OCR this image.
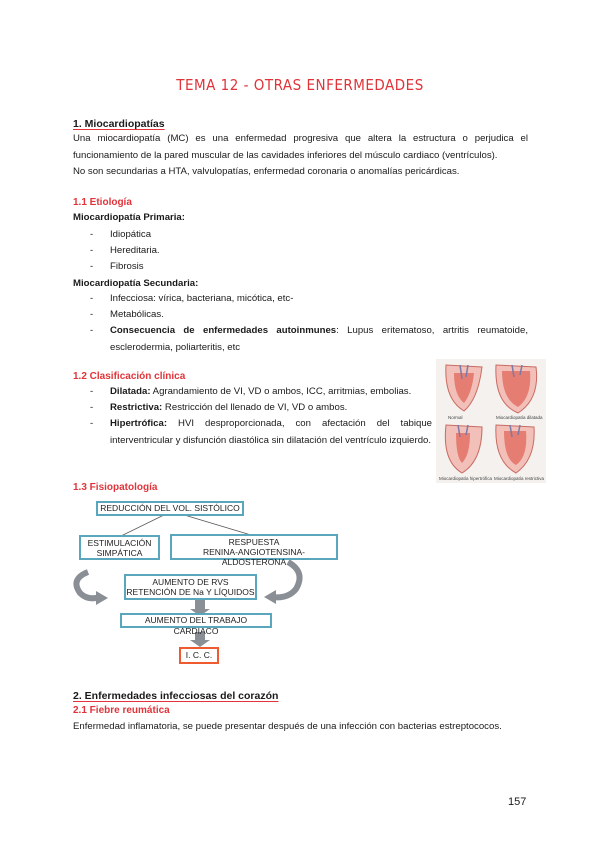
TEMA 12 - OTRAS ENFERMEDADES
1. Miocardiopatías
Una miocardiopatía (MC) es una enfermedad progresiva que altera la estructura o perjudica el funcionamiento de la pared muscular de las cavidades inferiores del músculo cardiaco (ventrículos).
No son secundarias a HTA, valvulopatías, enfermedad coronaria o anomalías pericárdicas.
1.1 Etiología
Miocardiopatía Primaria:
- Idiopática
- Hereditaria.
- Fibrosis
Miocardiopatía Secundaria:
- Infecciosa: vírica, bacteriana, micótica, etc-
- Metabólicas.
- Consecuencia de enfermedades autoinmunes: Lupus eritematoso, artritis reumatoide, esclerodermia, poliarteritis, etc
1.2 Clasificación clínica
- Dilatada: Agrandamiento de VI, VD o ambos, ICC, arritmias, embolias.
- Restrictiva: Restricción del llenado de VI, VD o ambos.
- Hipertrófica: HVI desproporcionada, con afectación del tabique interventricular y disfunción diastólica sin dilatación del ventrículo izquierdo.
Normal	Miocardiopatía dilatada
Miocardiopatía hipertrófica Miocardiopatía restrictiva
1.3 Fisiopatología
REDUCCIÓN DEL VOL. SISTÓLICO
ESTIMULACIÓN SIMPÁTICA
RESPUESTA
RENINA-ANGIOTENSINA-ALDOSTERONA
AUMENTO DE RVS
RETENCIÓN DE Na Y LÍQUIDOS
AUMENTO DEL TRABAJO CARDIACO
I. C. C.
2. Enfermedades infecciosas del corazón
2.1 Fiebre reumática
Enfermedad inflamatoria, se puede presentar después de una infección con bacterias estreptococos.
157
